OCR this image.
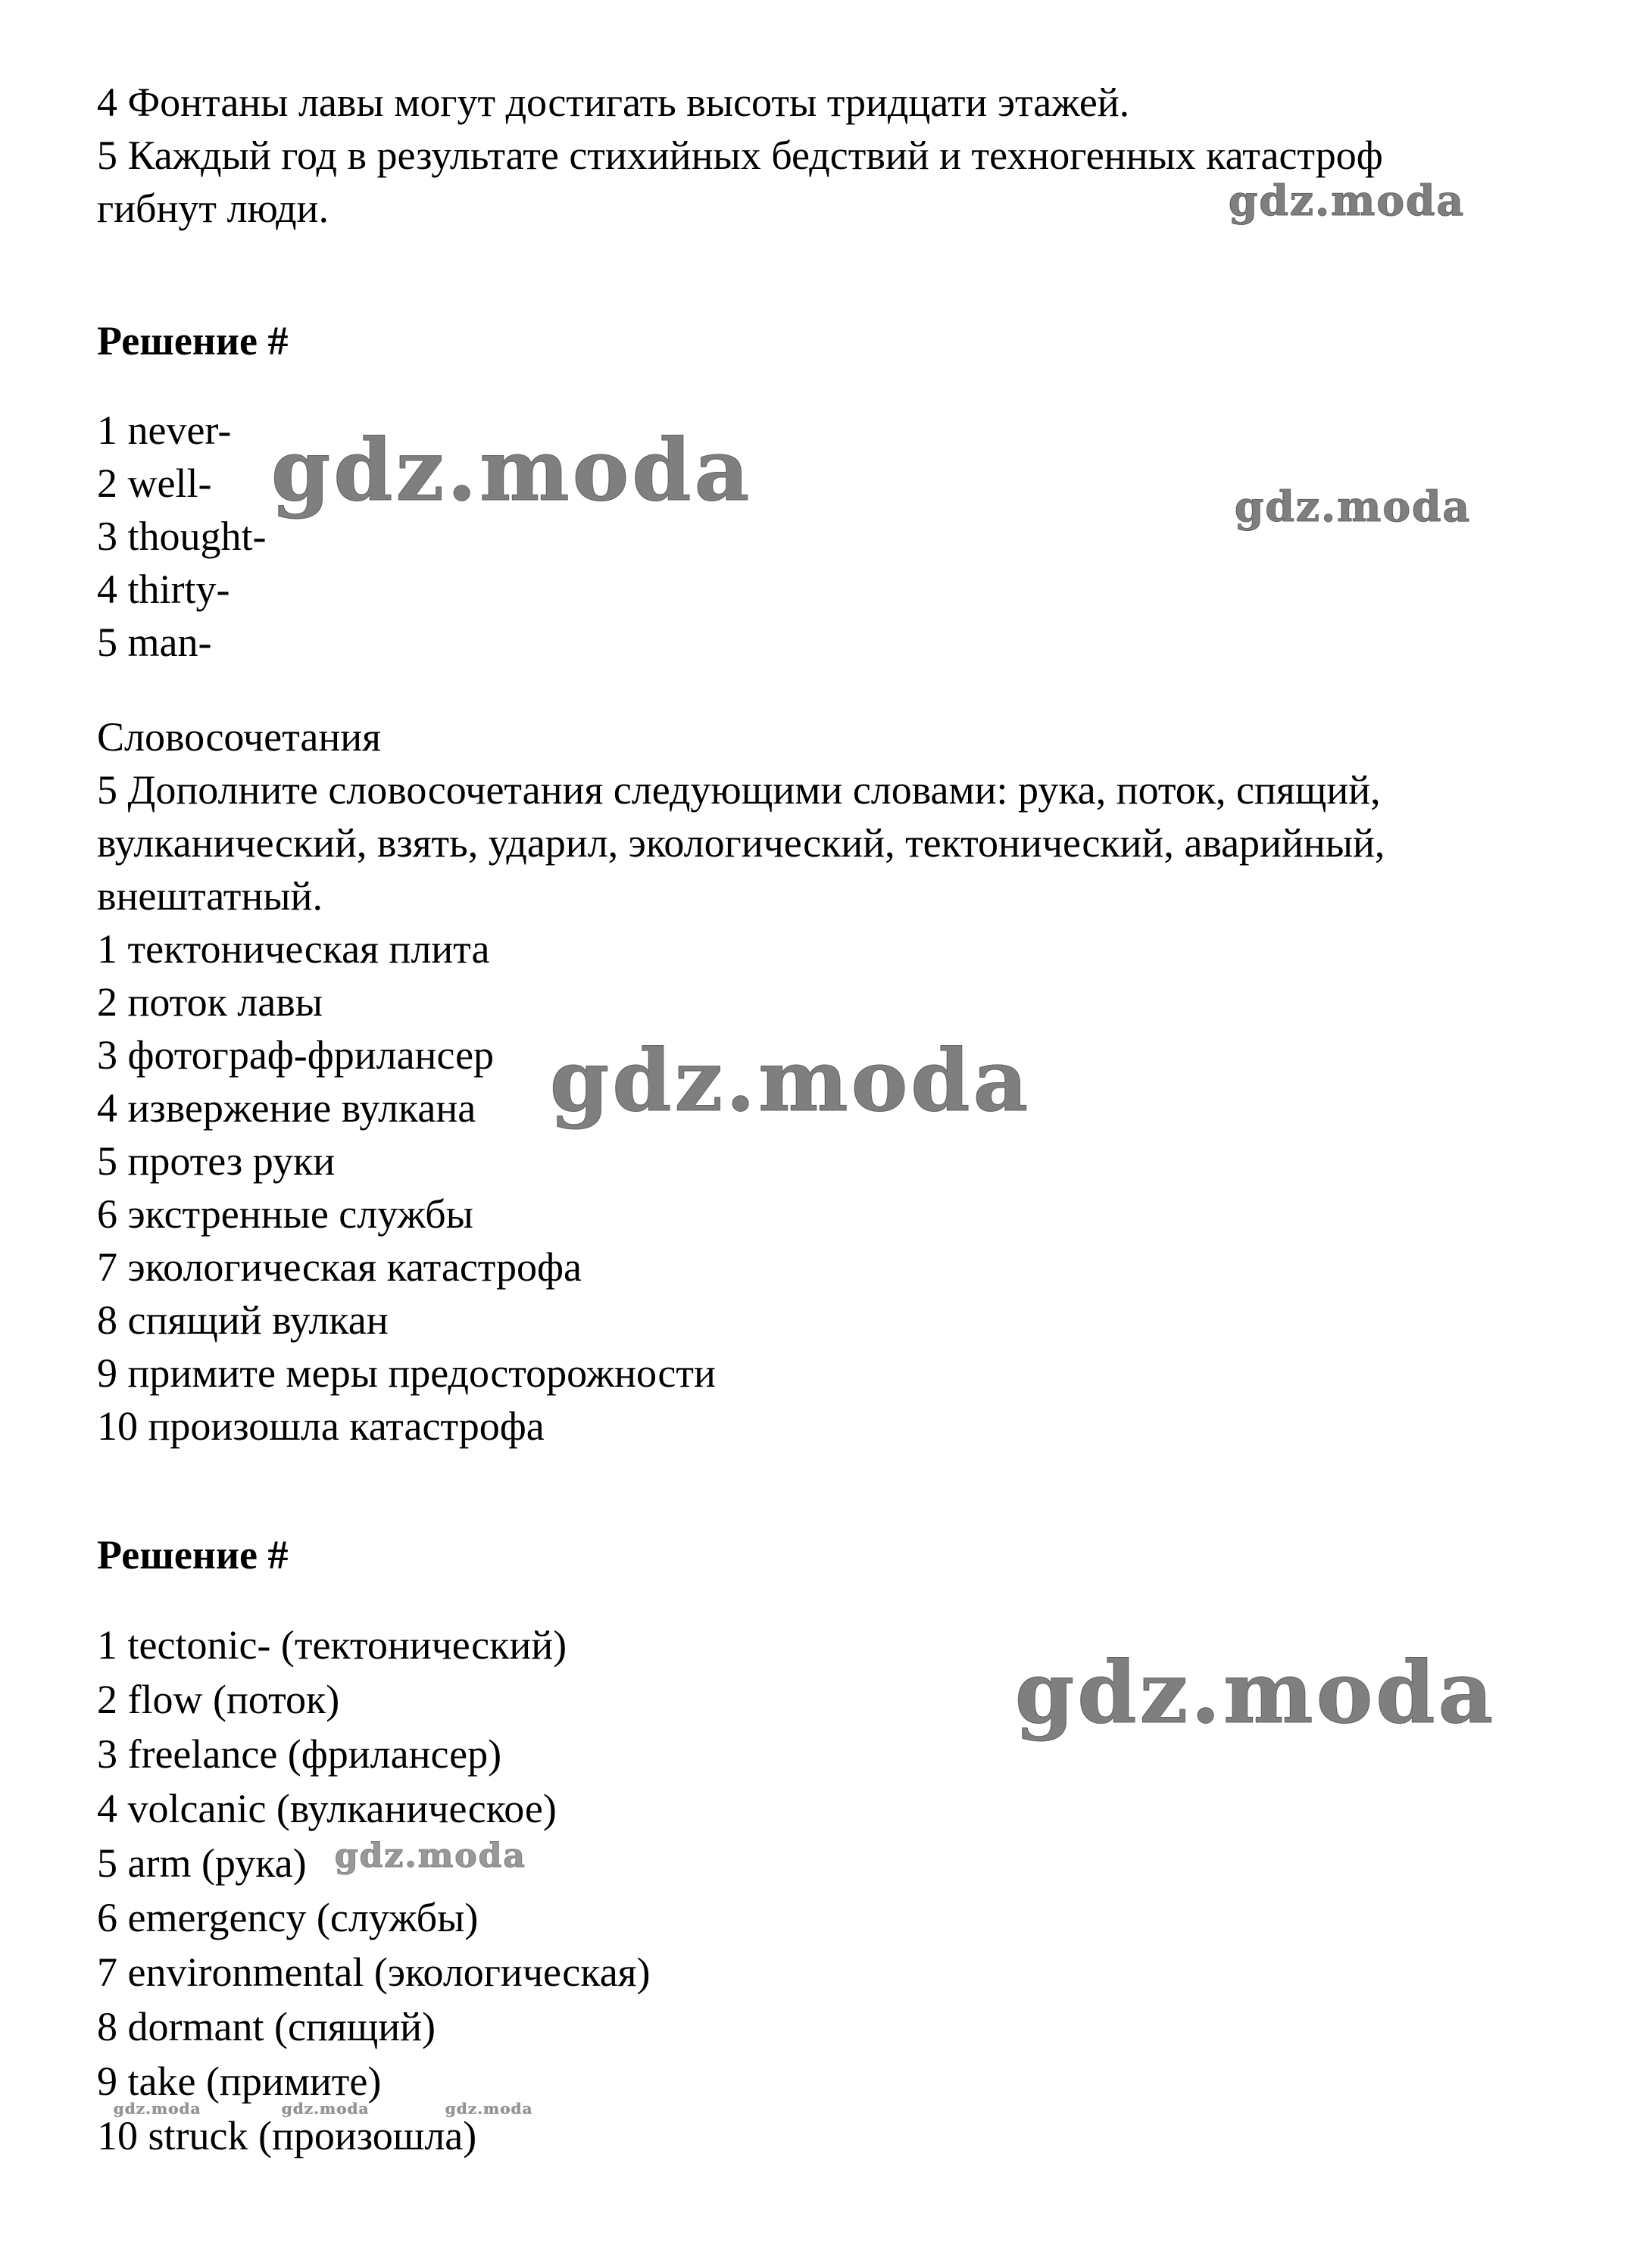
4 Фонтаны лавы могут достигать высоты тридцати этажей.
5 Каждый год в результате стихийных бедствий и техногенных катастроф
гибнут люди.
Решение #
1 never-
2 well-
3 thought-
4 thirty-
5 man-
Словосочетания
5 Дополните словосочетания следующими словами: рука, поток, спящий,
вулканический, взять, ударил, экологический, тектонический, аварийный,
внештатный.
1 тектоническая плита
2 поток лавы
3 фотограф-фрилансер
4 извержение вулкана
5 протез руки
6 экстренные службы
7 экологическая катастрофа
8 спящий вулкан
9 примите меры предосторожности
10 произошла катастрофа
Решение #
1 tectonic- (тектонический)
2 flow (поток)
3 freelance (фрилансер)
4 volcanic (вулканическое)
5 arm (рука)
6 emergency (службы)
7 environmental (экологическая)
8 dormant (спящий)
9 take (примите)
10 struck (произошла)
gdz.moda
gdz.moda	gdz.moda
gdz.moda
gdz.moda
gdz.moda
gdz.moda	gdz.moda	gdz.moda
